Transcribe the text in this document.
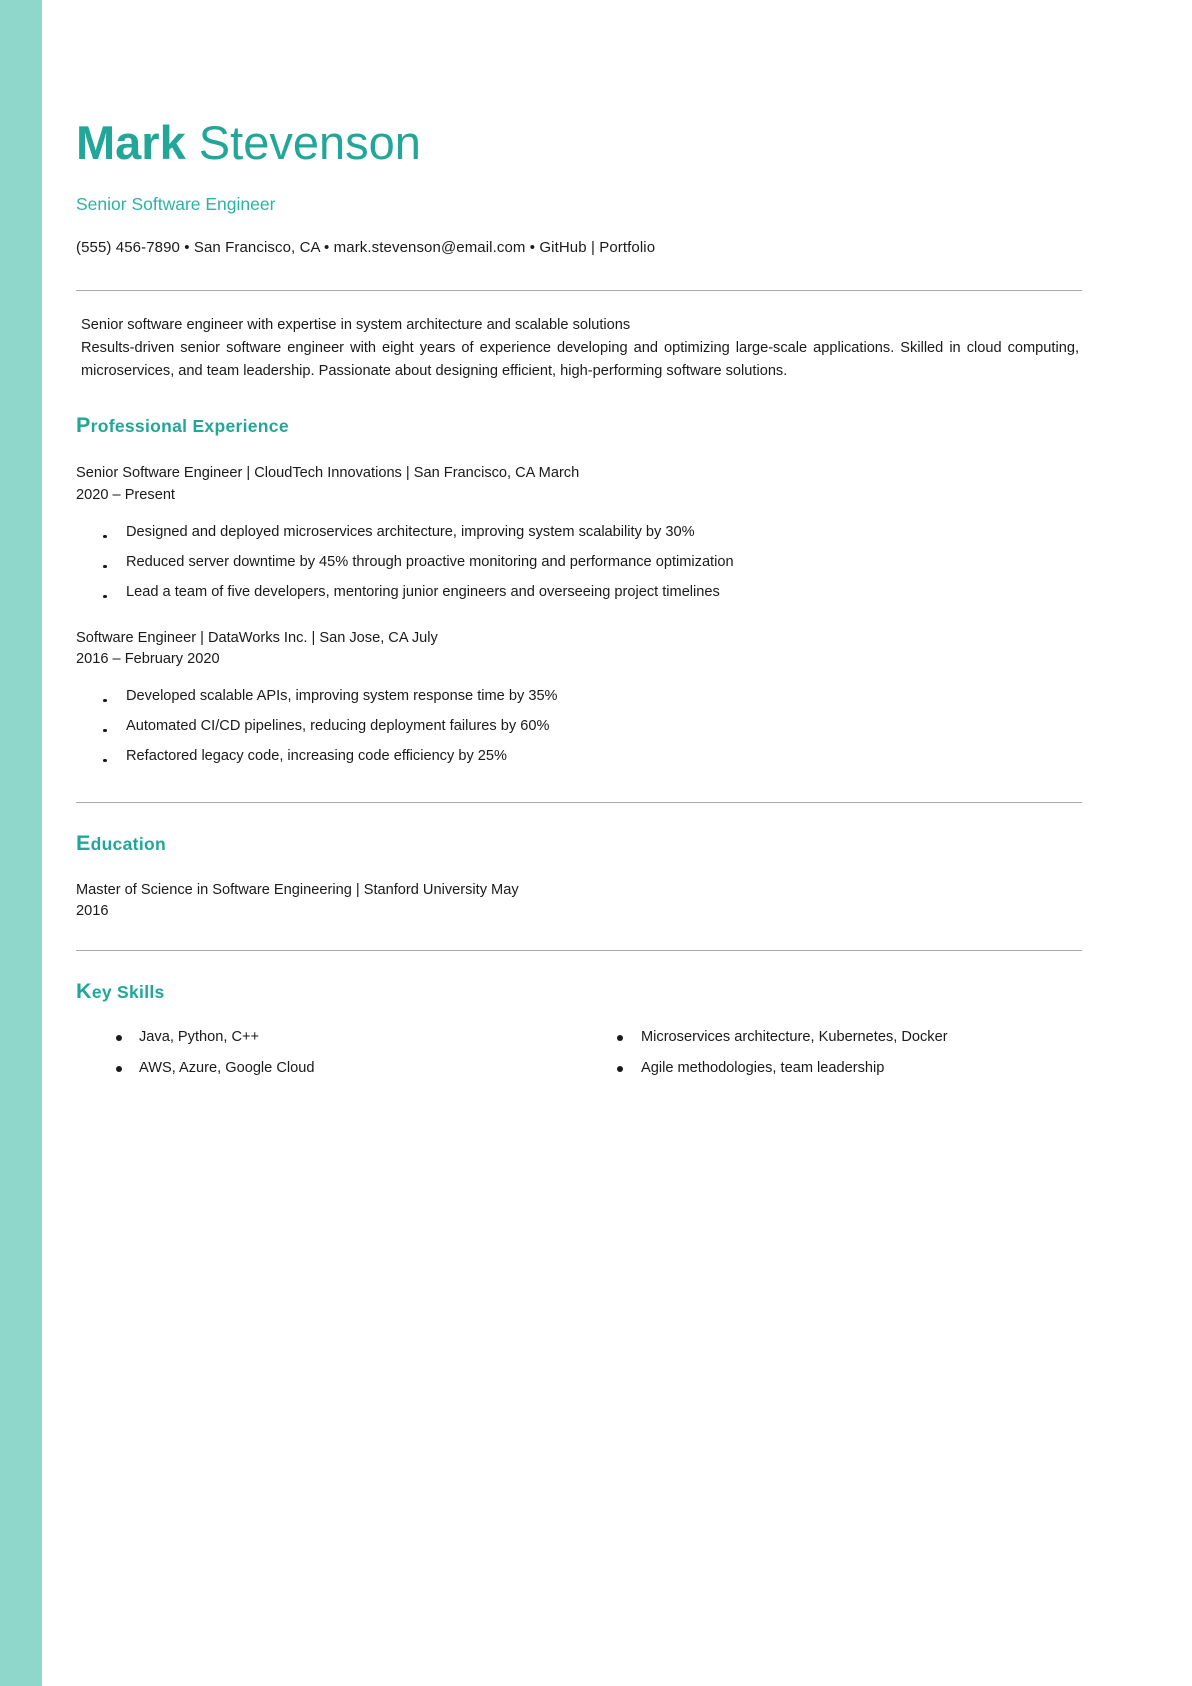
Mark Stevenson

Senior Software Engineer

(555) 456-7890 • San Francisco, CA • mark.stevenson@email.com • GitHub | Portfolio

Senior software engineer with expertise in system architecture and scalable solutions

Results-driven senior software engineer with eight years of experience developing and optimizing large-scale applications. Skilled in cloud computing, microservices, and team leadership. Passionate about designing efficient, high-performing software solutions.

Professional Experience

Senior Software Engineer | CloudTech Innovations | San Francisco, CA March

2020 – Present

Designed and deployed microservices architecture, improving system scalability by 30%
Reduced server downtime by 45% through proactive monitoring and performance optimization
Lead a team of five developers, mentoring junior engineers and overseeing project timelines

Software Engineer | DataWorks Inc. | San Jose, CA July

2016 – February 2020

Developed scalable APIs, improving system response time by 35%
Automated CI/CD pipelines, reducing deployment failures by 60%
Refactored legacy code, increasing code efficiency by 25%
Education

Master of Science in Software Engineering | Stanford University May

2016

Key Skills
Java, Python, C++
AWS, Azure, Google Cloud
Microservices architecture, Kubernetes, Docker
Agile methodologies, team leadership
